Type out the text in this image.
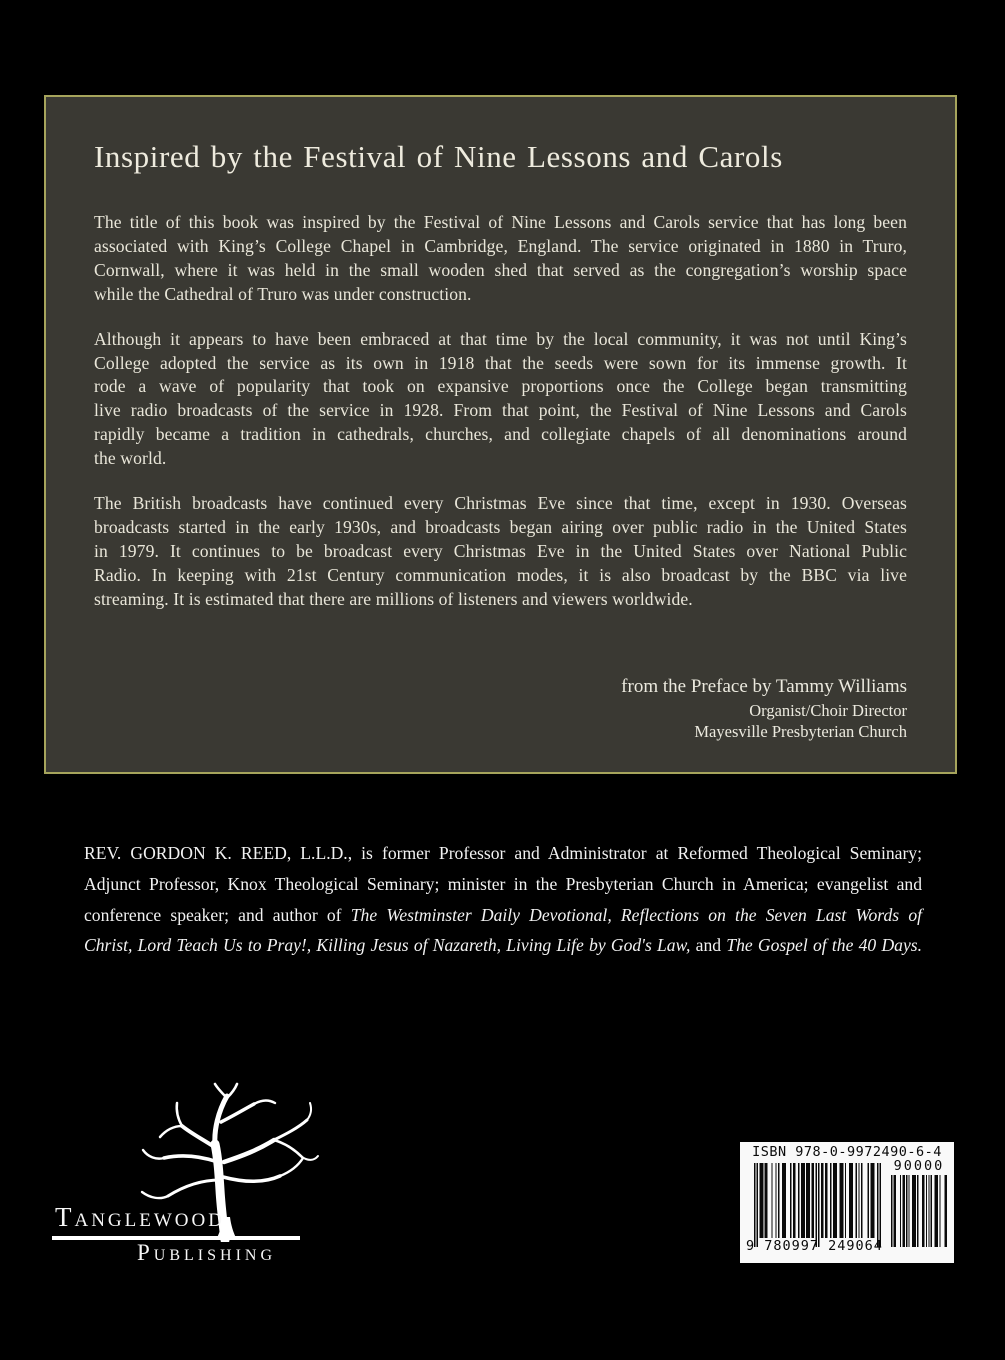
Inspired by the Festival of Nine Lessons and Carols
The title of this book was inspired by the Festival of Nine Lessons and Carols service that has long been
associated with King’s College Chapel in Cambridge, England. The service originated in 1880 in Truro,
Cornwall, where it was held in the small wooden shed that served as the congregation’s worship space
while the Cathedral of Truro was under construction.
Although it appears to have been embraced at that time by the local community, it was not until King’s
College adopted the service as its own in 1918 that the seeds were sown for its immense growth. It
rode a wave of popularity that took on expansive proportions once the College began transmitting
live radio broadcasts of the service in 1928. From that point, the Festival of Nine Lessons and Carols
rapidly became a tradition in cathedrals, churches, and collegiate chapels of all denominations around
the world.
The British broadcasts have continued every Christmas Eve since that time, except in 1930. Overseas
broadcasts started in the early 1930s, and broadcasts began airing over public radio in the United States
in 1979. It continues to be broadcast every Christmas Eve in the United States over National Public
Radio. In keeping with 21st Century communication modes, it is also broadcast by the BBC via live
streaming. It is estimated that there are millions of listeners and viewers worldwide.
from the Preface by Tammy Williams
Organist/Choir Director
Mayesville Presbyterian Church
REV. GORDON K. REED, L.L.D., is former Professor and Administrator at Reformed Theological Seminary;
Adjunct Professor, Knox Theological Seminary; minister in the Presbyterian Church in America; evangelist and
conference speaker; and author of The Westminster Daily Devotional, Reflections on the Seven Last Words of
Christ, Lord Teach Us to Pray!, Killing Jesus of Nazareth, Living Life by God's Law, and The Gospel of the 40 Days.
Tanglewood
Publishing
ISBN 978-0-9972490-6-4
9 780997 249064
90000
